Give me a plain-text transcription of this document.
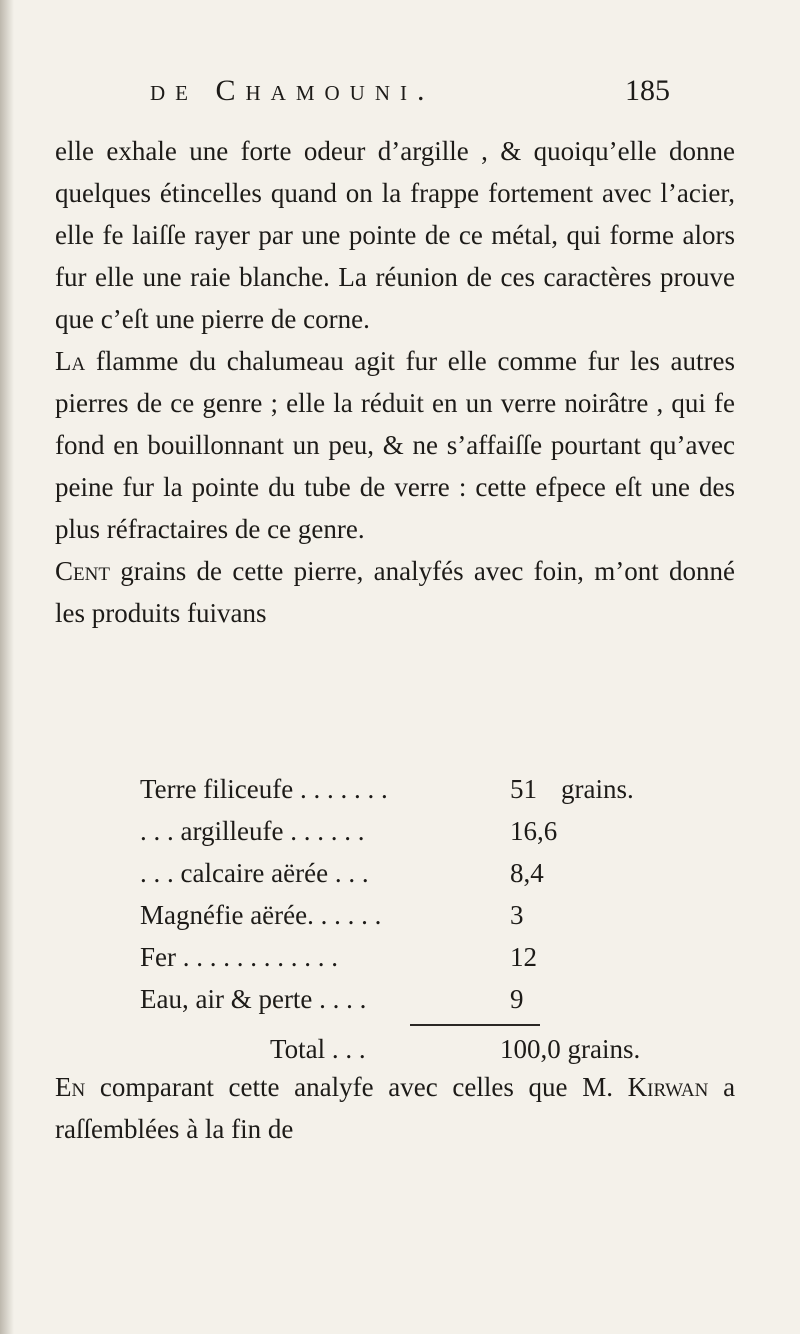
de Chamouni.	185

elle exhale une forte odeur d’argille , & quoiqu’elle donne quelques étincelles quand on la frappe fortement avec l’acier, elle fe laiſſe rayer par une pointe de ce métal, qui forme alors fur elle une raie blanche. La réunion de ces caractères prouve que c’eſt une pierre de corne.

La flamme du chalumeau agit fur elle comme fur les autres pierres de ce genre ; elle la réduit en un verre noirâtre , qui fe fond en bouillonnant un peu, & ne s’affaiſſe pourtant qu’avec peine fur la pointe du tube de verre : cette efpece eſt une des plus réfractaires de ce genre.

Cent grains de cette pierre, analyfés avec foin, m’ont donné les produits fuivans

Terre filiceufe . . . . . . .	51 grains.
. . . argilleufe . . . . . .	16,6
. . . calcaire aërée . . .	8,4
Magnéfie aërée. . . . . .	3
Fer . . . . . . . . . . . .	12
Eau, air & perte . . . .	9
Total . . .	100,0 grains.

En comparant cette analyfe avec celles que M. Kirwan a raſſemblées à la fin de
